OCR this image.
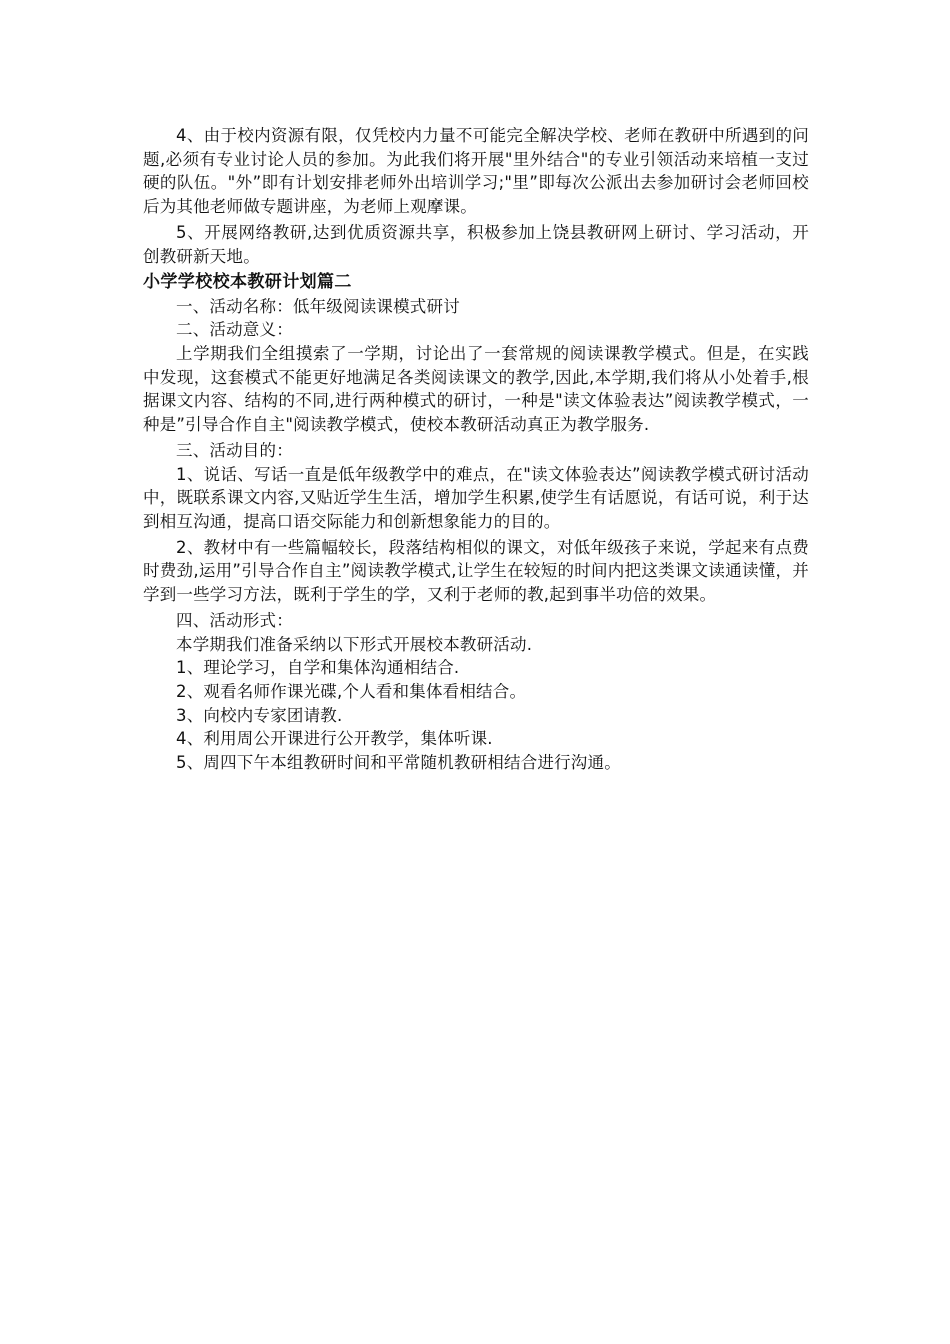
4、由于校内资源有限，仅凭校内力量不可能完全解决学校、老师在教研中所遇到的问题,必须有专业讨论人员的参加。为此我们将开展"里外结合"的专业引领活动来培植一支过硬的队伍。"外”即有计划安排老师外出培训学习;"里”即每次公派出去参加研讨会老师回校后为其他老师做专题讲座，为老师上观摩课。

5、开展网络教研,达到优质资源共享，积极参加上饶县教研网上研讨、学习活动，开创教研新天地。

小学学校校本教研计划篇二

一、活动名称：低年级阅读课模式研讨

二、活动意义：

上学期我们全组摸索了一学期，讨论出了一套常规的阅读课教学模式。但是，在实践中发现，这套模式不能更好地满足各类阅读课文的教学,因此,本学期,我们将从小处着手,根据课文内容、结构的不同,进行两种模式的研讨，一种是"读文体验表达”阅读教学模式，一种是”引导合作自主"阅读教学模式，使校本教研活动真正为教学服务.

三、活动目的：

1、说话、写话一直是低年级教学中的难点，在"读文体验表达”阅读教学模式研讨活动中，既联系课文内容,又贴近学生生活，增加学生积累,使学生有话愿说，有话可说，利于达到相互沟通，提高口语交际能力和创新想象能力的目的。

2、教材中有一些篇幅较长，段落结构相似的课文，对低年级孩子来说，学起来有点费时费劲,运用”引导合作自主”阅读教学模式,让学生在较短的时间内把这类课文读通读懂，并学到一些学习方法，既利于学生的学，又利于老师的教,起到事半功倍的效果。

四、活动形式：

本学期我们准备采纳以下形式开展校本教研活动.

1、理论学习，自学和集体沟通相结合.

2、观看名师作课光碟,个人看和集体看相结合。

3、向校内专家团请教.

4、利用周公开课进行公开教学，集体听课.

5、周四下午本组教研时间和平常随机教研相结合进行沟通。
